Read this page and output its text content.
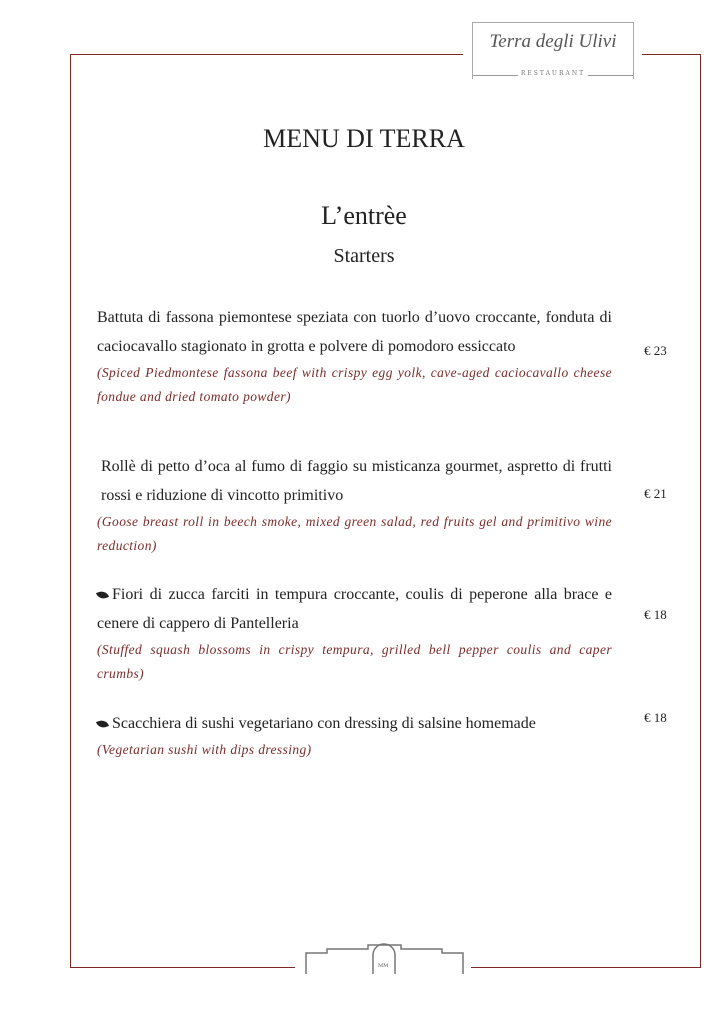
Terra degli Ulivi
RESTAURANT
MM
MENU DI TERRA
L’entrèe
Starters
Battuta di fassona piemontese speziata con tuorlo d’uovo croccante, fonduta di caciocavallo stagionato in grotta e polvere di pomodoro essiccato
(Spiced Piedmontese fassona beef with crispy egg yolk, cave-aged caciocavallo cheese fondue and dried tomato powder)
€ 23
Rollè di petto d’oca al fumo di faggio su misticanza gourmet, aspretto di frutti rossi e riduzione di vincotto primitivo
(Goose breast roll in beech smoke, mixed green salad, red fruits gel and primitivo wine reduction)
€ 21
Fiori di zucca farciti in tempura croccante, coulis di peperone alla brace e cenere di cappero di Pantelleria
(Stuffed squash blossoms in crispy tempura, grilled bell pepper coulis and caper crumbs)
€ 18
Scacchiera di sushi vegetariano con dressing di salsine homemade
(Vegetarian sushi with dips dressing)
€ 18
